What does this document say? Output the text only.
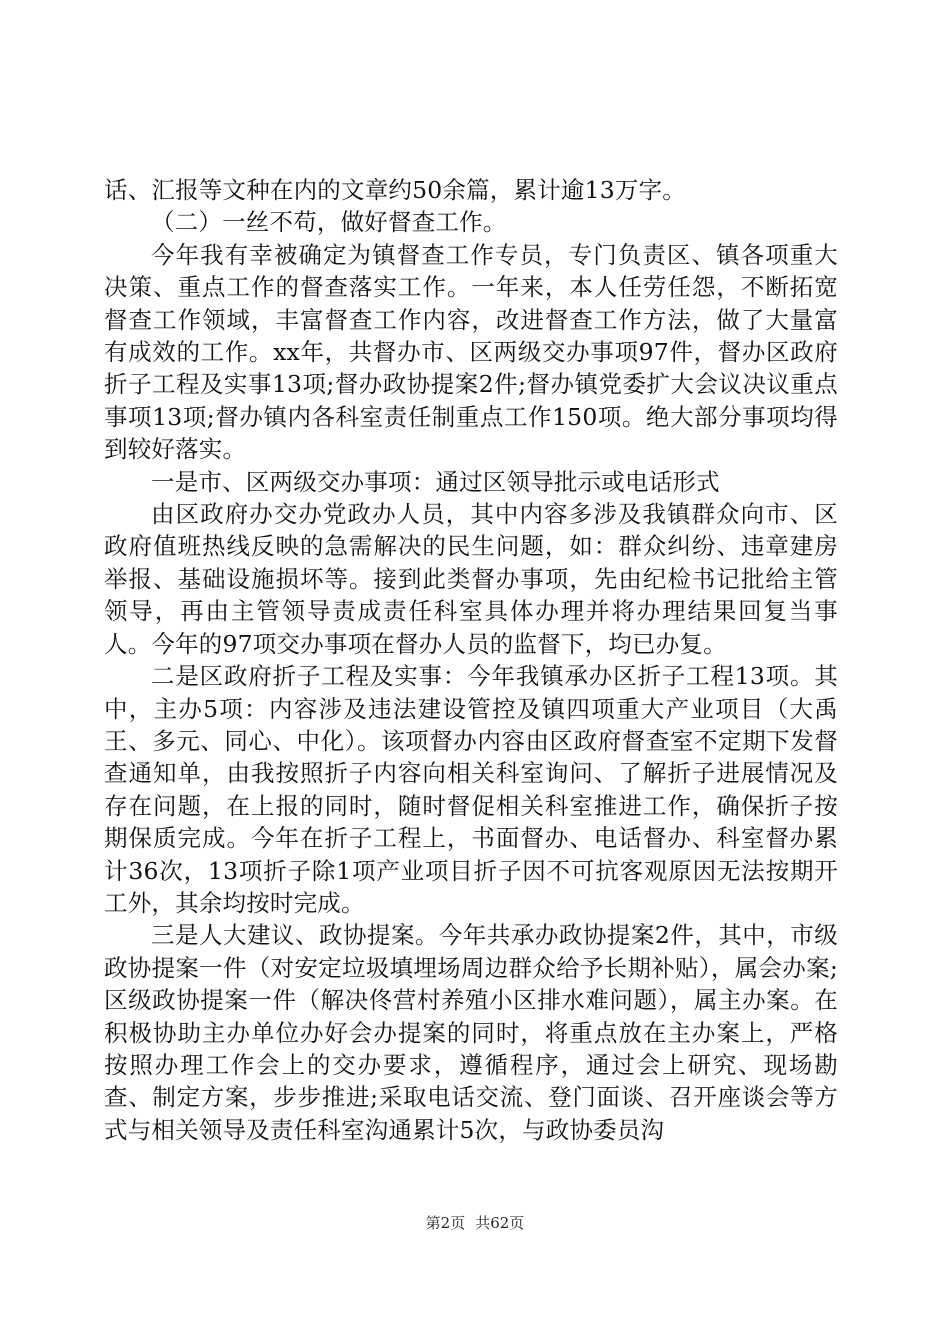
话、汇报等文种在内的文章约50余篇，累计逾13万字。

（二）一丝不苟，做好督查工作。

今年我有幸被确定为镇督查工作专员，专门负责区、镇各项重大决策、重点工作的督查落实工作。一年来，本人任劳任怨，不断拓宽督查工作领域，丰富督查工作内容，改进督查工作方法，做了大量富有成效的工作。xx年，共督办市、区两级交办事项97件，督办区政府折子工程及实事13项;督办政协提案2件;督办镇党委扩大会议决议重点事项13项;督办镇内各科室责任制重点工作150项。绝大部分事项均得到较好落实。

一是市、区两级交办事项：通过区领导批示或电话形式

由区政府办交办党政办人员，其中内容多涉及我镇群众向市、区政府值班热线反映的急需解决的民生问题，如：群众纠纷、违章建房举报、基础设施损坏等。接到此类督办事项，先由纪检书记批给主管领导，再由主管领导责成责任科室具体办理并将办理结果回复当事人。今年的97项交办事项在督办人员的监督下，均已办复。

二是区政府折子工程及实事：今年我镇承办区折子工程13项。其中，主办5项：内容涉及违法建设管控及镇四项重大产业项目（大禹王、多元、同心、中化）。该项督办内容由区政府督查室不定期下发督查通知单，由我按照折子内容向相关科室询问、了解折子进展情况及存在问题，在上报的同时，随时督促相关科室推进工作，确保折子按期保质完成。今年在折子工程上，书面督办、电话督办、科室督办累计36次，13项折子除1项产业项目折子因不可抗客观原因无法按期开工外，其余均按时完成。

三是人大建议、政协提案。今年共承办政协提案2件，其中，市级政协提案一件（对安定垃圾填埋场周边群众给予长期补贴），属会办案;区级政协提案一件（解决佟营村养殖小区排水难问题），属主办案。在积极协助主办单位办好会办提案的同时，将重点放在主办案上，严格按照办理工作会上的交办要求，遵循程序，通过会上研究、现场勘查、制定方案，步步推进;采取电话交流、登门面谈、召开座谈会等方式与相关领导及责任科室沟通累计5次，与政协委员沟

第2页 共62页
